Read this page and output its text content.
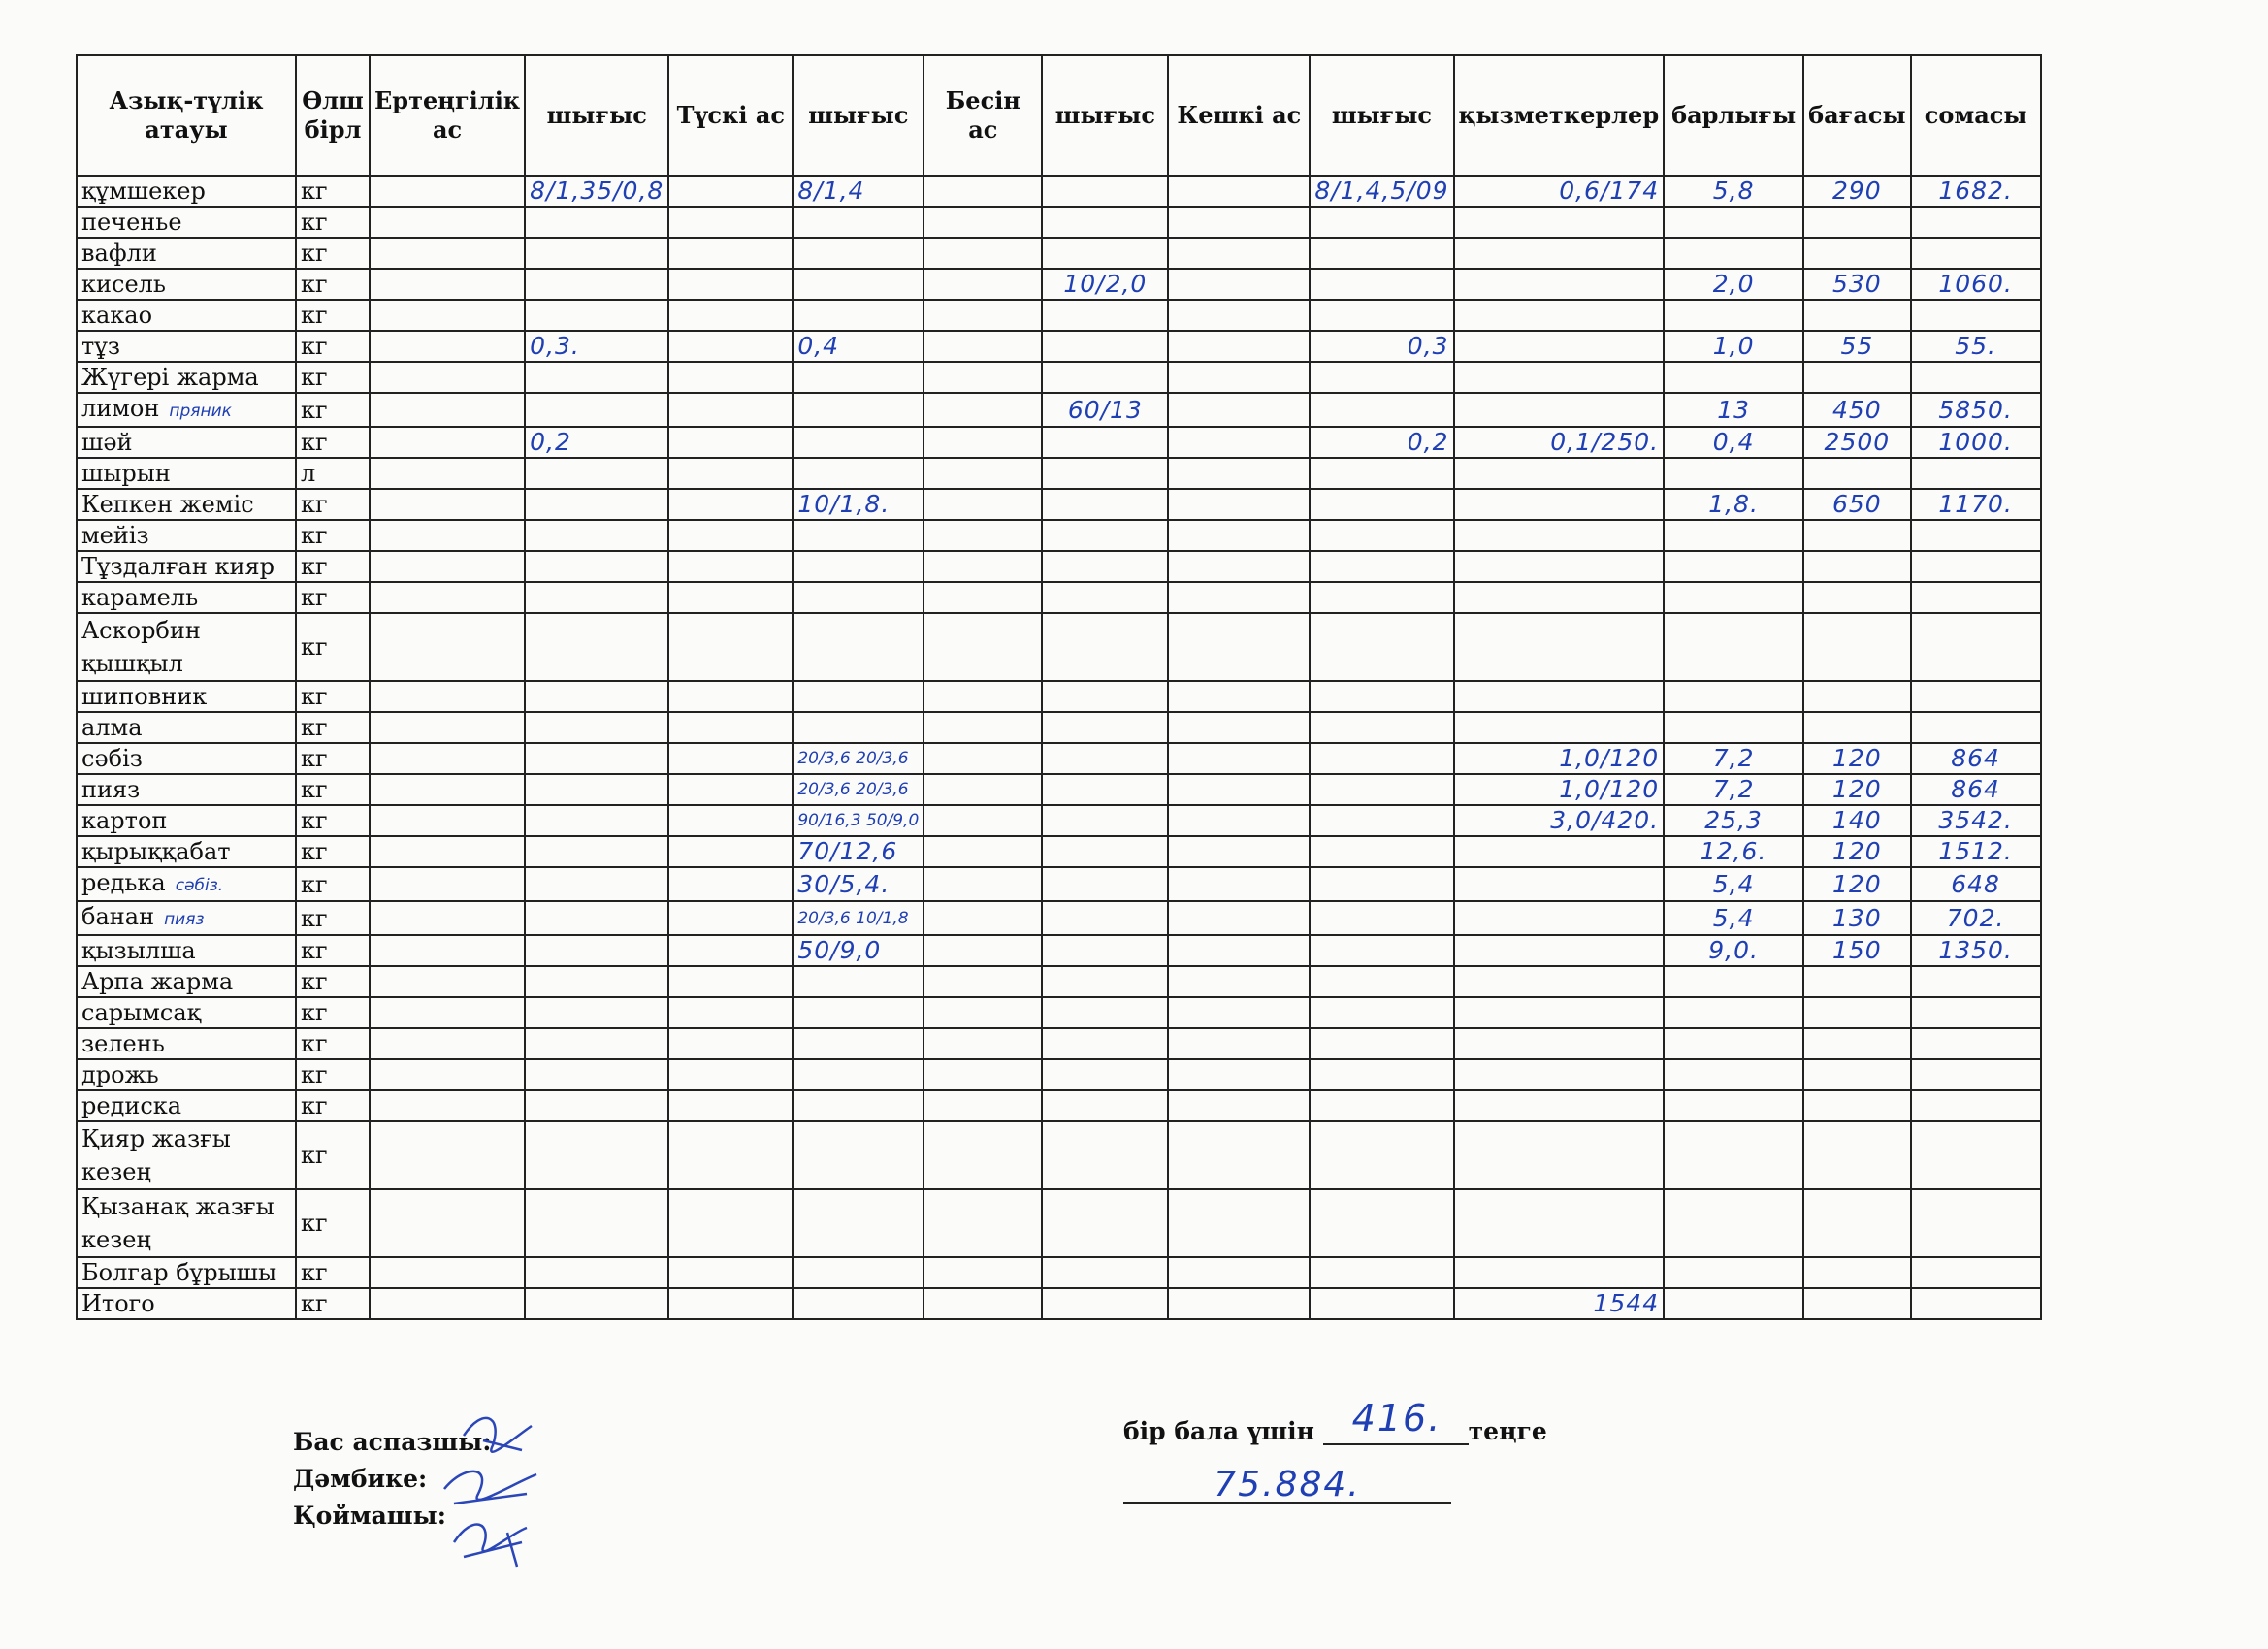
Азық-түлік атауы	Өлш бірл	Ертеңгілік ас	шығыс	Түскі ас	шығыс	Бесін ас	шығыс	Кешкі ас	шығыс	қызметкерлер	барлығы	бағасы	сомасы
құмшекер	кг		8/1,35/0,8		8/1,4				8/1,4,5/09	0,6/174	5,8	290	1682.
печенье	кг												
вафли	кг												
кисель	кг						10/2,0				2,0	530	1060.
какао	кг												
тұз	кг		0,3.		0,4				0,3		1,0	55	55.
Жүгері жарма	кг												
лимон пряник	кг						60/13				13	450	5850.
шәй	кг		0,2						0,2	0,1/250.	0,4	2500	1000.
шырын	л												
Кепкен жеміс	кг				10/1,8.						1,8.	650	1170.
мейіз	кг												
Тұздалған кияр	кг												
карамель	кг												
Аскорбин қышқыл	кг												
шиповник	кг												
алма	кг												
сәбіз	кг				20/3,6 20/3,6					1,0/120	7,2	120	864
пияз	кг				20/3,6 20/3,6					1,0/120	7,2	120	864
картоп	кг				90/16,3 50/9,0					3,0/420.	25,3	140	3542.
қырыққабат	кг				70/12,6						12,6.	120	1512.
редька сәбіз.	кг				30/5,4.						5,4	120	648
банан пияз	кг				20/3,6 10/1,8						5,4	130	702.
қызылша	кг				50/9,0						9,0.	150	1350.
Арпа жарма	кг												
сарымсақ	кг												
зелень	кг												
дрожь	кг												
редиска	кг												
Қияр жазғы кезең	кг												
Қызанақ жазғы кезең	кг												
Болгар бұрышы	кг												
Итого	кг									1544			
Бас аспазшы:
Дәмбике:
Қоймашы:
бір бала үшін 416. теңге
75.884.
